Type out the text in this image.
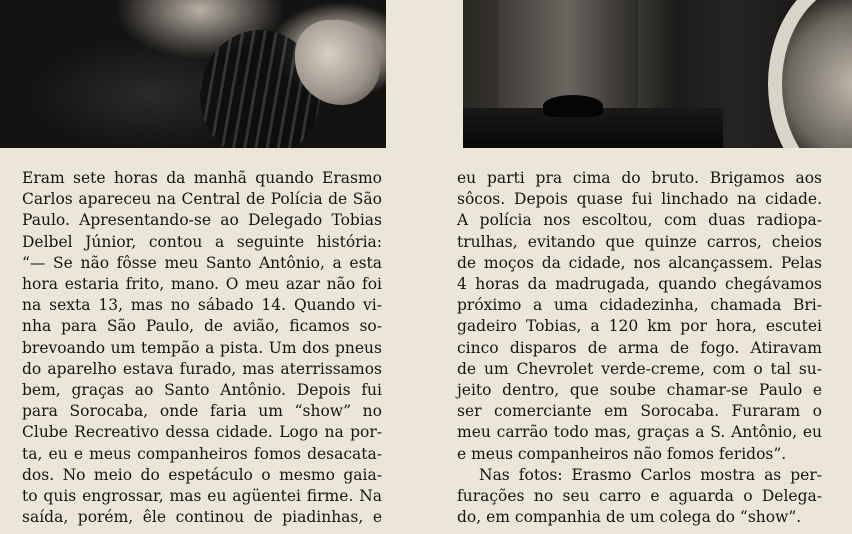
Eram sete horas da manhã quando Erasmo
Carlos apareceu na Central de Polícia de São
Paulo. Apresentando-se ao Delegado Tobias
Delbel Júnior, contou a seguinte história:
“— Se não fôsse meu Santo Antônio, a esta
hora estaria frito, mano. O meu azar não foi
na sexta 13, mas no sábado 14. Quando vi-
nha para São Paulo, de avião, ficamos so-
brevoando um tempão a pista. Um dos pneus
do aparelho estava furado, mas aterrissamos
bem, graças ao Santo Antônio. Depois fui
para Sorocaba, onde faria um “show” no
Clube Recreativo dessa cidade. Logo na por-
ta, eu e meus companheiros fomos desacata-
dos. No meio do espetáculo o mesmo gaia-
to quis engrossar, mas eu agüentei firme. Na
saída, porém, êle continou de piadinhas, e
eu parti pra cima do bruto. Brigamos aos
sôcos. Depois quase fui linchado na cidade.
A polícia nos escoltou, com duas radiopa-
trulhas, evitando que quinze carros, cheios
de moços da cidade, nos alcançassem. Pelas
4 horas da madrugada, quando chegávamos
próximo a uma cidadezinha, chamada Bri-
gadeiro Tobias, a 120 km por hora, escutei
cinco disparos de arma de fogo. Atiravam
de um Chevrolet verde-creme, com o tal su-
jeito dentro, que soube chamar-se Paulo e
ser comerciante em Sorocaba. Furaram o
meu carrão todo mas, graças a S. Antônio, eu
e meus companheiros não fomos feridos”.
Nas fotos: Erasmo Carlos mostra as per-
furações no seu carro e aguarda o Delega-
do, em companhia de um colega do “show”.
